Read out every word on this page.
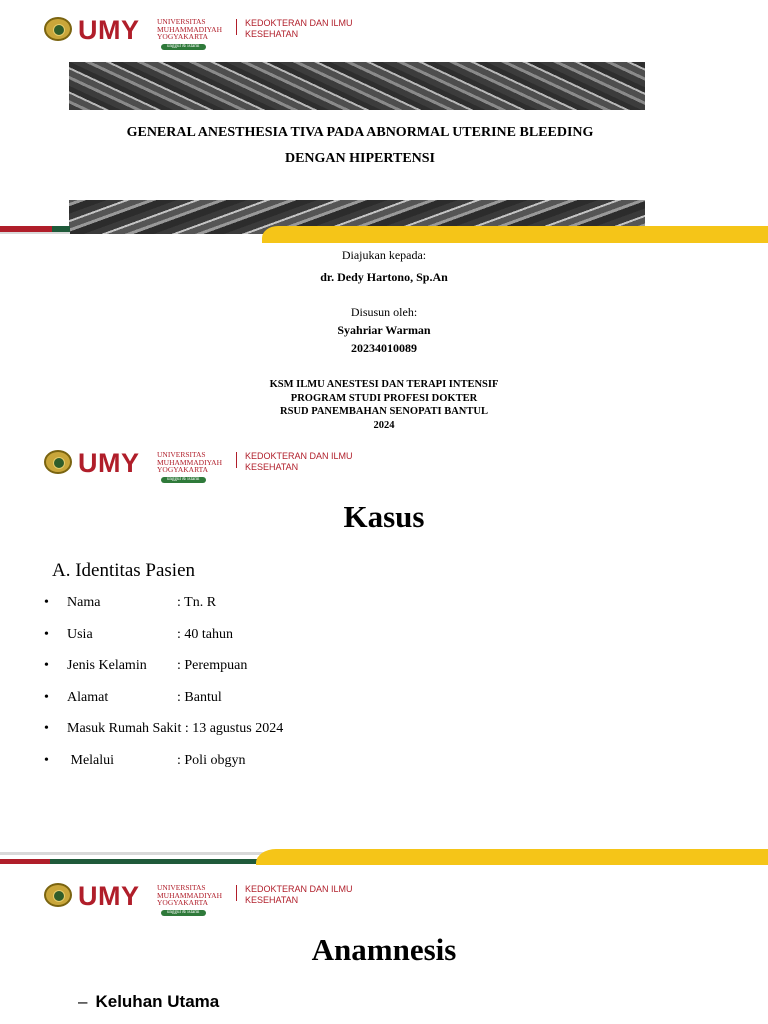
UMY UNIVERSITAS
MUHAMMADIYAH
YOGYAKARTA
unggul & islami
KEDOKTERAN DAN ILMU
KESEHATAN
GENERAL ANESTHESIA TIVA PADA ABNORMAL UTERINE BLEEDING
DENGAN HIPERTENSI
Diajukan kepada:
dr. Dedy Hartono, Sp.An
Disusun oleh:
Syahriar Warman
20234010089
KSM ILMU ANESTESI DAN TERAPI INTENSIF
PROGRAM STUDI PROFESI DOKTER
RSUD PANEMBAHAN SENOPATI BANTUL
2024
UMY UNIVERSITAS
MUHAMMADIYAH
YOGYAKARTA
unggul & islami
KEDOKTERAN DAN ILMU
KESEHATAN
Kasus
A. Identitas Pasien
• Nama	: Tn. R
• Usia	: 40 tahun
• Jenis Kelamin : Perempuan
• Alamat	: Bantul
• Masuk Rumah Sakit : 13 agustus 2024
• Melalui	: Poli obgyn
UMY UNIVERSITAS
MUHAMMADIYAH
YOGYAKARTA
unggul & islami
KEDOKTERAN DAN ILMU
KESEHATAN
Anamnesis
– Keluhan Utama
